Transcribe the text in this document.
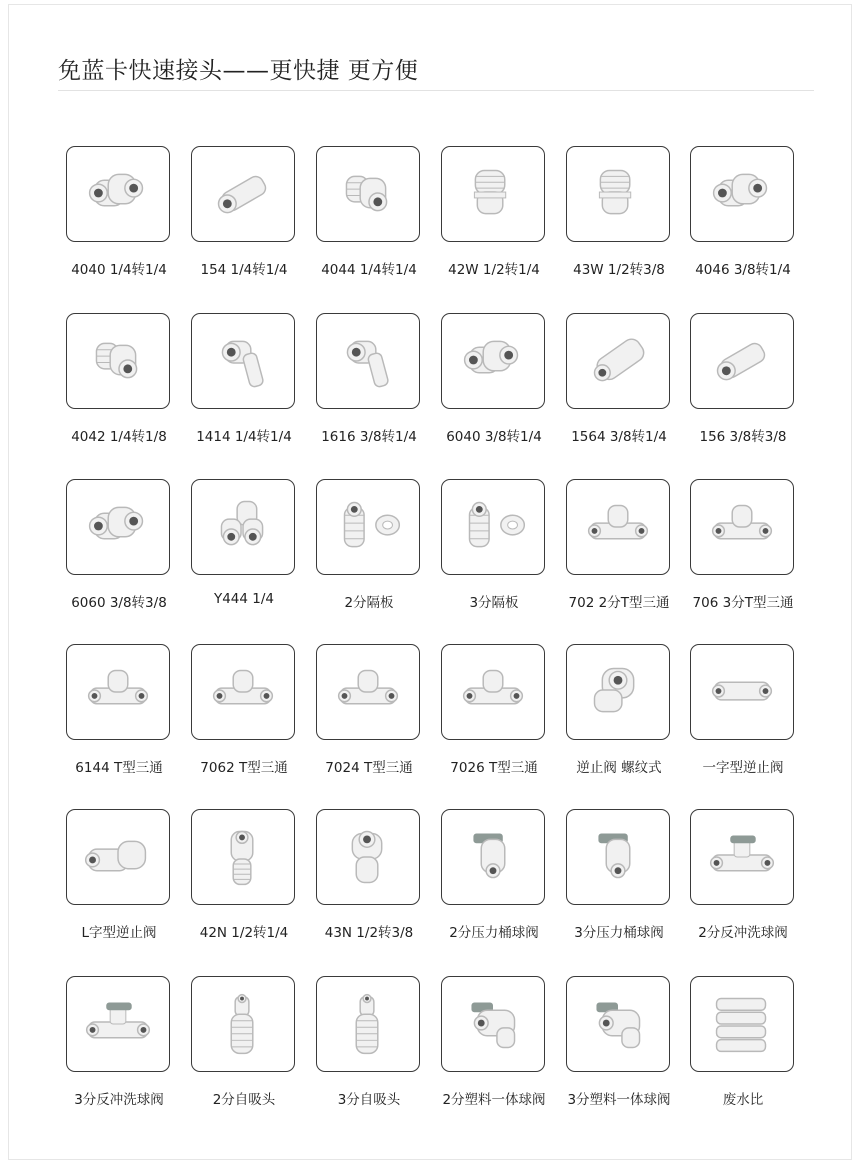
免蓝卡快速接头——更快捷 更方便
4040 1/4转1/4	154 1/4转1/4	4044 1/4转1/4	42W 1/2转1/4	43W 1/2转3/8	4046 3/8转1/4
4042 1/4转1/8	1414 1/4转1/4	1616 3/8转1/4	6040 3/8转1/4	1564 3/8转1/4	156 3/8转3/8
6060 3/8转3/8	Y444 1/4	2分隔板	3分隔板	702 2分T型三通	706 3分T型三通
6144 T型三通	7062 T型三通	7024 T型三通	7026 T型三通	逆止阀 螺纹式	一字型逆止阀
L字型逆止阀	42N 1/2转1/4	43N 1/2转3/8	2分压力桶球阀	3分压力桶球阀	2分反冲洗球阀
3分反冲洗球阀	2分自吸头	3分自吸头	2分塑料一体球阀	3分塑料一体球阀	废水比
